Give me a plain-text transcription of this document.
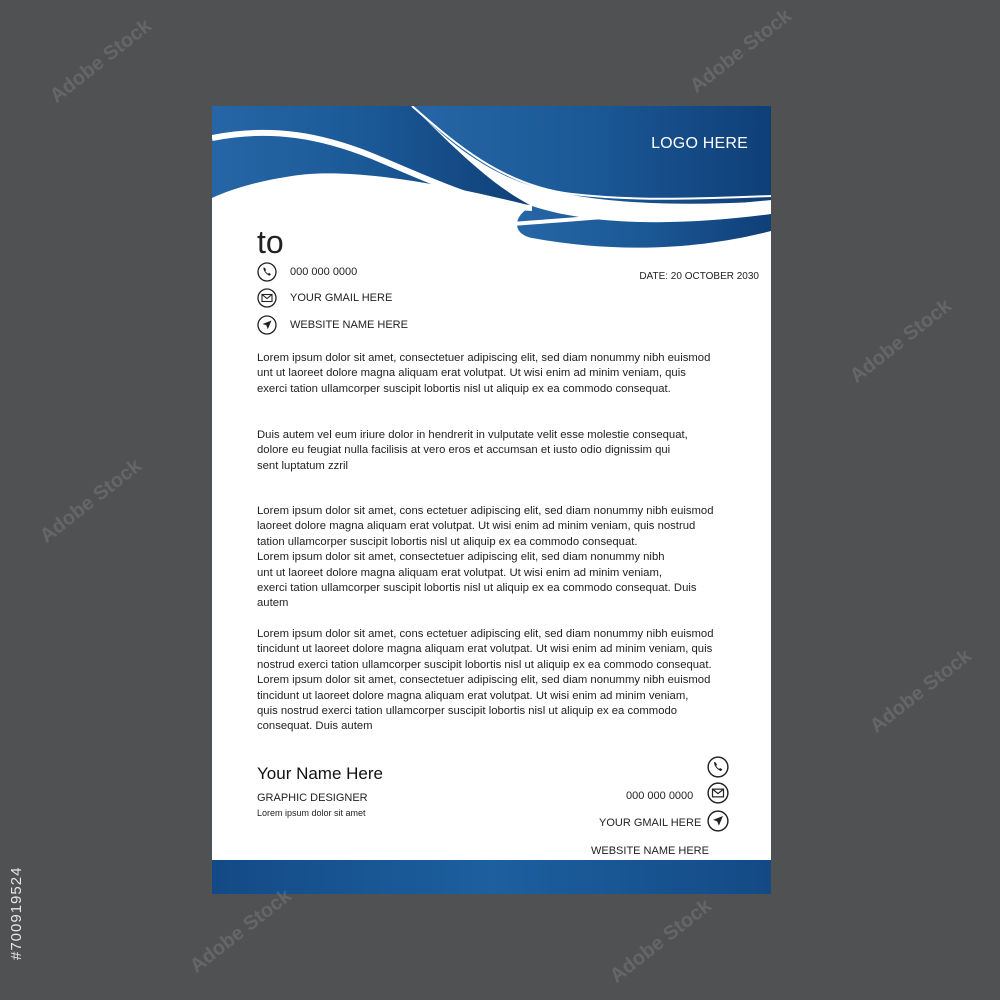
LOGO HERE
to
000 000 0000
YOUR GMAIL HERE
WEBSITE NAME HERE
DATE: 20 OCTOBER 2030

Lorem ipsum dolor sit amet, consectetuer adipiscing elit, sed diam nonummy nibh euismod
unt ut laoreet dolore magna aliquam erat volutpat. Ut wisi enim ad minim veniam, quis
exerci tation ullamcorper suscipit lobortis nisl ut aliquip ex ea commodo consequat.

Duis autem vel eum iriure dolor in hendrerit in vulputate velit esse molestie consequat,
dolore eu feugiat nulla facilisis at vero eros et accumsan et iusto odio dignissim qui
sent luptatum zzril

Lorem ipsum dolor sit amet, cons ectetuer adipiscing elit, sed diam nonummy nibh euismod
laoreet dolore magna aliquam erat volutpat. Ut wisi enim ad minim veniam, quis nostrud
tation ullamcorper suscipit lobortis nisl ut aliquip ex ea commodo consequat.
Lorem ipsum dolor sit amet, consectetuer adipiscing elit, sed diam nonummy nibh
unt ut laoreet dolore magna aliquam erat volutpat. Ut wisi enim ad minim veniam,
exerci tation ullamcorper suscipit lobortis nisl ut aliquip ex ea commodo consequat. Duis
autem

Lorem ipsum dolor sit amet, cons ectetuer adipiscing elit, sed diam nonummy nibh euismod
tincidunt ut laoreet dolore magna aliquam erat volutpat. Ut wisi enim ad minim veniam, quis
nostrud exerci tation ullamcorper suscipit lobortis nisl ut aliquip ex ea commodo consequat.
Lorem ipsum dolor sit amet, consectetuer adipiscing elit, sed diam nonummy nibh euismod
tincidunt ut laoreet dolore magna aliquam erat volutpat. Ut wisi enim ad minim veniam,
quis nostrud exerci tation ullamcorper suscipit lobortis nisl ut aliquip ex ea commodo
consequat. Duis autem

Your Name Here
GRAPHIC DESIGNER
Lorem ipsum dolor sit amet
000 000 0000
YOUR GMAIL HERE
WEBSITE NAME HERE
#700919524
Adobe Stock	Adobe Stock
Adobe Stock
Adobe Stock
Adobe Stock
Adobe Stock	Adobe Stock
